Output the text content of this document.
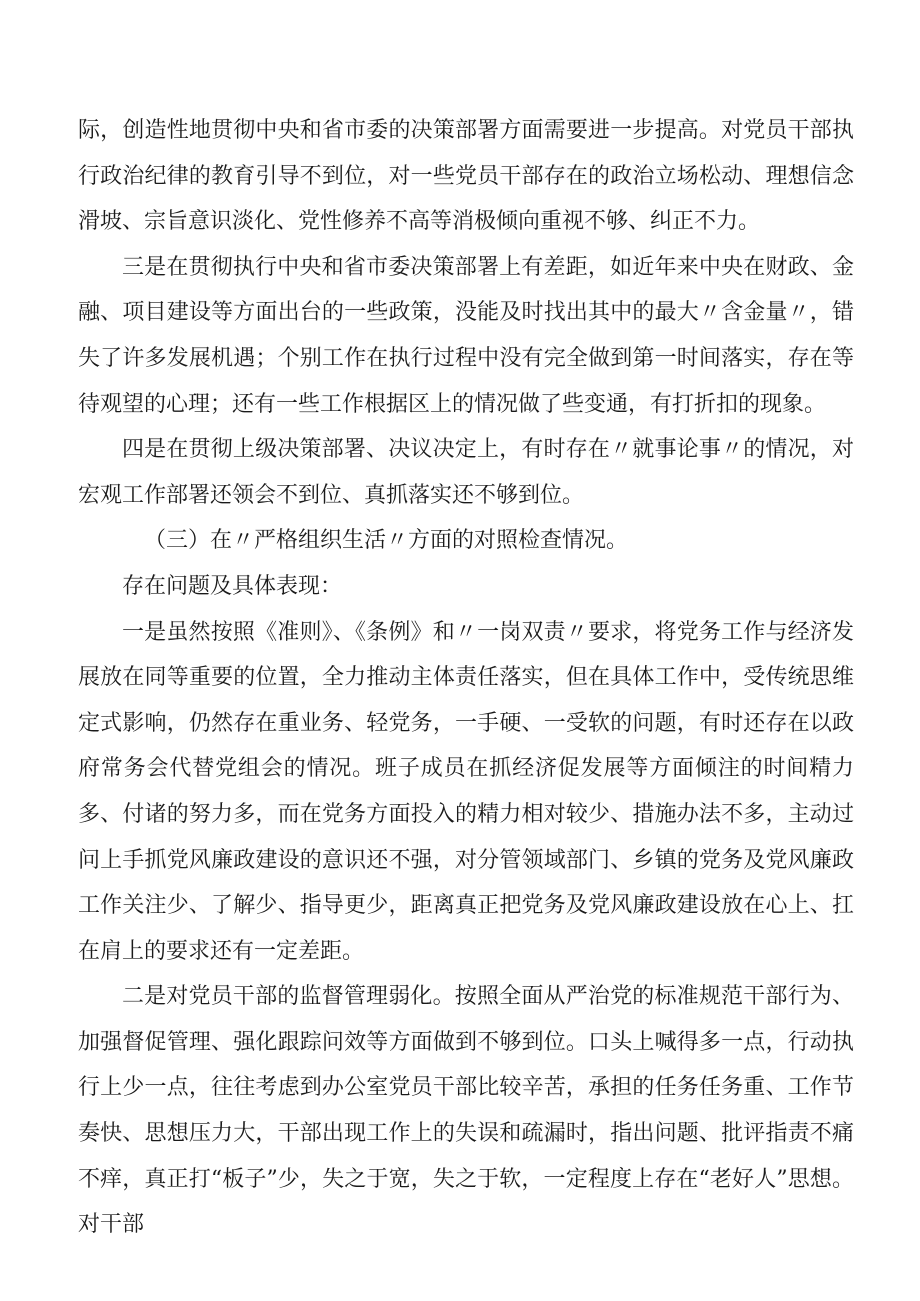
际，创造性地贯彻中央和省市委的决策部署方面需要进一步提高。对党员干部执行政治纪律的教育引导不到位，对一些党员干部存在的政治立场松动、理想信念滑坡、宗旨意识淡化、党性修养不高等消极倾向重视不够、纠正不力。

三是在贯彻执行中央和省市委决策部署上有差距，如近年来中央在财政、金融、项目建设等方面出台的一些政策，没能及时找出其中的最大〃含金量〃，错失了许多发展机遇；个别工作在执行过程中没有完全做到第一时间落实，存在等待观望的心理；还有一些工作根据区上的情况做了些变通，有打折扣的现象。

四是在贯彻上级决策部署、决议决定上，有时存在〃就事论事〃的情况，对宏观工作部署还领会不到位、真抓落实还不够到位。

（三）在〃严格组织生活〃方面的对照检查情况。

存在问题及具体表现：

一是虽然按照《准则》、《条例》和〃一岗双责〃要求，将党务工作与经济发展放在同等重要的位置，全力推动主体责任落实，但在具体工作中，受传统思维定式影响，仍然存在重业务、轻党务，一手硬、一受软的问题，有时还存在以政府常务会代替党组会的情况。班子成员在抓经济促发展等方面倾注的时间精力多、付诸的努力多，而在党务方面投入的精力相对较少、措施办法不多，主动过问上手抓党风廉政建设的意识还不强，对分管领域部门、乡镇的党务及党风廉政工作关注少、了解少、指导更少，距离真正把党务及党风廉政建设放在心上、扛在肩上的要求还有一定差距。

二是对党员干部的监督管理弱化。按照全面从严治党的标准规范干部行为、加强督促管理、强化跟踪问效等方面做到不够到位。口头上喊得多一点，行动执行上少一点，往往考虑到办公室党员干部比较辛苦，承担的任务任务重、工作节奏快、思想压力大，干部出现工作上的失误和疏漏时，指出问题、批评指责不痛不痒，真正打“板子”少，失之于宽，失之于软，一定程度上存在“老好人”思想。对干部
